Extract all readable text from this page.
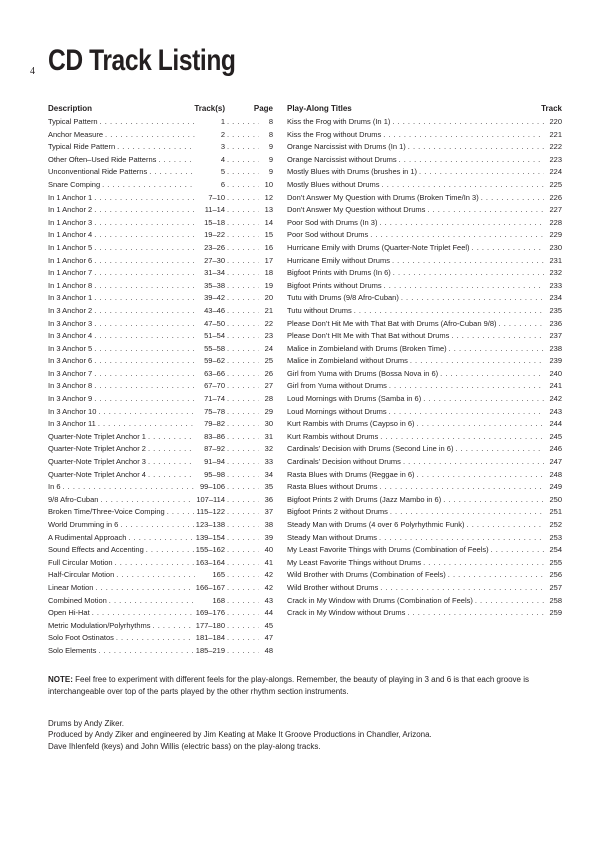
4 CD Track Listing
Description	Track(s)	Page
Typical Pattern . . .	1 . . .	8
Anchor Measure . . .	2 . . .	8
Typical Ride Pattern . . .	3 . . .	9
Other Often–Used Ride Patterns . . .	4 . . .	9
Unconventional Ride Patterns . . .	5 . . .	9
Snare Comping . . .	6 . . .	10
In 1 Anchor 1 . . .	7–10 . . .	12
In 1 Anchor 2 . . .	11–14 . . .	13
In 1 Anchor 3 . . .	15–18 . . .	14
In 1 Anchor 4 . . .	19–22 . . .	15
In 1 Anchor 5 . . .	23–26 . . .	16
In 1 Anchor 6 . . .	27–30 . . .	17
In 1 Anchor 7 . . .	31–34 . . .	18
In 1 Anchor 8 . . .	35–38 . . .	19
In 3 Anchor 1 . . .	39–42 . . .	20
In 3 Anchor 2 . . .	43–46 . . .	21
In 3 Anchor 3 . . .	47–50 . . .	22
In 3 Anchor 4 . . .	51–54 . . .	23
In 3 Anchor 5 . . .	55–58 . . .	24
In 3 Anchor 6 . . .	59–62 . . .	25
In 3 Anchor 7 . . .	63–66 . . .	26
In 3 Anchor 8 . . .	67–70 . . .	27
In 3 Anchor 9 . . .	71–74 . . .	28
In 3 Anchor 10 . . .	75–78 . . .	29
In 3 Anchor 11 . . .	79–82 . . .	30
Quarter-Note Triplet Anchor 1 . . .	83–86 . . .	31
Quarter-Note Triplet Anchor 2 . . .	87–92 . . .	32
Quarter-Note Triplet Anchor 3 . . .	91–94 . . .	33
Quarter-Note Triplet Anchor 4 . . .	95–98 . . .	34
In 6 . . .	99–106 . . .	35
9/8 Afro-Cuban . . .	107–114 . . .	36
Broken Time/Three-Voice Comping . . .	115–122 . . .	37
World Drumming in 6 . . .	123–138 . . .	38
A Rudimental Approach . . .	139–154 . . .	39
Sound Effects and Accenting . . .	155–162 . . .	40
Full Circular Motion . . .	163–164 . . .	41
Half-Circular Motion . . .	165 . . .	42
Linear Motion . . .	166–167 . . .	42
Combined Motion . . .	168 . . .	43
Open Hi-Hat . . .	169–176 . . .	44
Metric Modulation/Polyrhythms . . .	177–180 . . .	45
Solo Foot Ostinatos . . .	181–184 . . .	47
Solo Elements . . .	185–219 . . .	48
Play-Along Titles	Track
Kiss the Frog with Drums (In 1) . . .	220
Kiss the Frog without Drums . . .	221
Orange Narcissist with Drums (In 1) . . .	222
Orange Narcissist without Drums . . .	223
Mostly Blues with Drums (brushes in 1) . . .	224
Mostly Blues without Drums . . .	225
Don’t Answer My Question with Drums (Broken Time/In 3) . . .	226
Don’t Answer My Question without Drums . . .	227
Poor Sod with Drums (In 3) . . .	228
Poor Sod without Drums . . .	229
Hurricane Emily with Drums (Quarter-Note Triplet Feel) . . .	230
Hurricane Emily without Drums . . .	231
Bigfoot Prints with Drums (In 6) . . .	232
Bigfoot Prints without Drums . . .	233
Tutu with Drums (9/8 Afro-Cuban) . . .	234
Tutu without Drums . . .	235
Please Don’t Hit Me with That Bat with Drums (Afro-Cuban 9/8) . . .	236
Please Don’t HIt Me with That Bat without Drums . . .	237
Malice in Zombieland with Drums (Broken Time) . . .	238
Malice in Zombieland without Drums . . .	239
Girl from Yuma with Drums (Bossa Nova in 6) . . .	240
Girl from Yuma without Drums . . .	241
Loud Mornings with Drums (Samba in 6) . . .	242
Loud Mornings without Drums . . .	243
Kurt Rambis with Drums (Caypso in 6) . . .	244
Kurt Rambis without Drums . . .	245
Cardinals’ Decision with Drums (Second Line in 6) . . .	246
Cardinals’ Decision without Drums . . .	247
Rasta Blues with Drums (Reggae in 6) . . .	248
Rasta Blues without Drums . . .	249
Bigfoot Prints 2 with Drums (Jazz Mambo in 6) . . .	250
Bigfoot Prints 2 without Drums . . .	251
Steady Man with Drums (4 over 6 Polyrhythmic Funk) . . .	252
Steady Man without Drums . . .	253
My Least Favorite Things with Drums (Combination of Feels) . . .	254
My Least Favorite Things without Drums . . .	255
Wild Brother with Drums (Combination of Feels) . . .	256
Wild Brother without Drums . . .	257
Crack in My Window with Drums (Combination of Feels) . . .	258
Crack in My Window without Drums . . .	259

NOTE: Feel free to experiment with different feels for the play-alongs. Remember, the beauty of playing in 3 and 6 is that each groove is interchangeable over top of the parts played by the other rhythm section instruments.

Drums by Andy Ziker.

Produced by Andy Ziker and engineered by Jim Keating at Make It Groove Productions in Chandler, Arizona.

Dave Ihlenfeld (keys) and John Willis (electric bass) on the play-along tracks.
